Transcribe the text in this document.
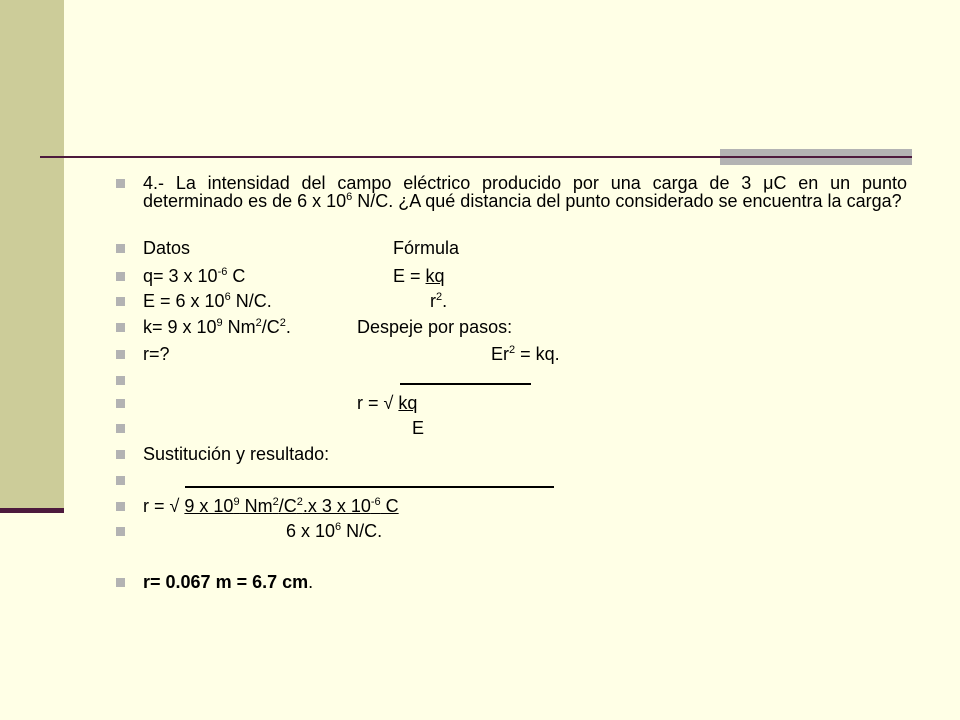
4.- La intensidad del campo eléctrico producido por una carga de 3 μC en un punto determinado es de 6 x $10^6$ N/C. ¿A qué distancia del punto considerado se encuentra la carga?
Datos	Fórmula
q= 3 x $10^{-6}$ C	E = kq
E = 6 x $10^6$ N/C.	$r^2$.
k= 9 x $10^9$ $Nm^2/C^2$.	Despeje por pasos:
r=?	$Er^2$ = kq.
r = √ kq
E
Sustitución y resultado:
r = √ 9 x $10^9$ $Nm^2/C^2.x$ 3 x $10^{-6}$ C
6 x $10^6$ N/C.
r= 0.067 m = 6.7 cm.
